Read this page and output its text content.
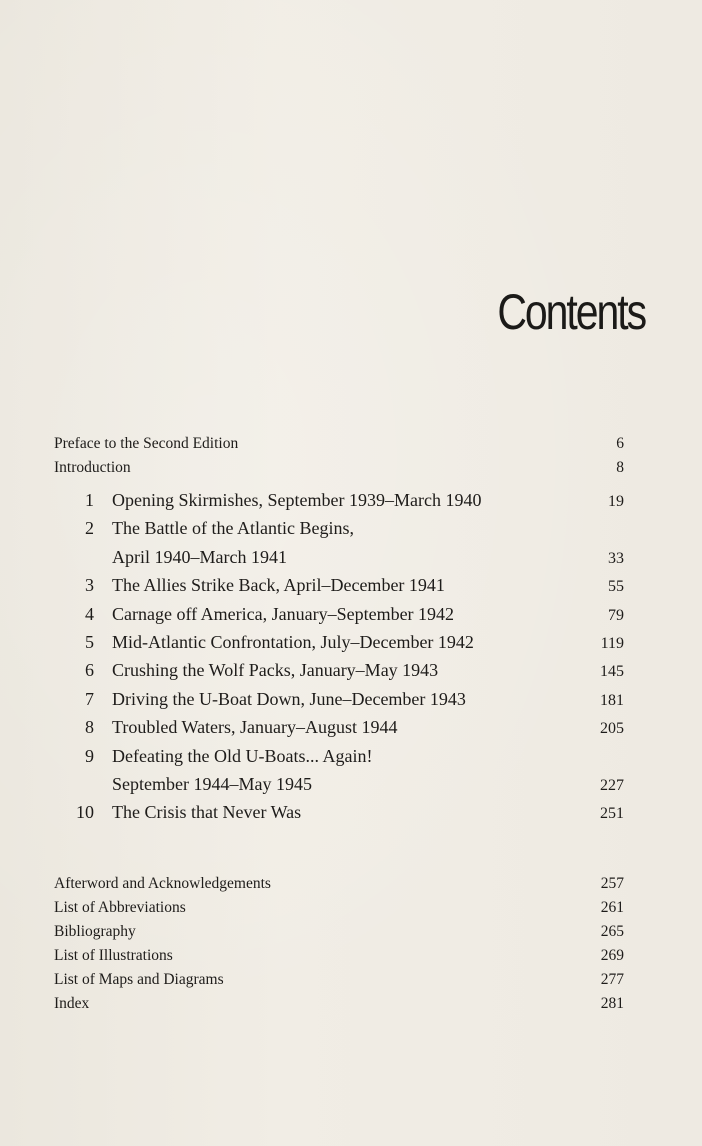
Contents
Preface to the Second Edition	6
Introduction	8
1 Opening Skirmishes, September 1939–March 1940	19
2 The Battle of the Atlantic Begins,
April 1940–March 1941	33
3 The Allies Strike Back, April–December 1941	55
4 Carnage off America, January–September 1942	79
5 Mid-Atlantic Confrontation, July–December 1942	119
6 Crushing the Wolf Packs, January–May 1943	145
7 Driving the U-Boat Down, June–December 1943	181
8 Troubled Waters, January–August 1944	205
9 Defeating the Old U-Boats... Again!
September 1944–May 1945	227
10 The Crisis that Never Was	251
Afterword and Acknowledgements	257
List of Abbreviations	261
Bibliography	265
List of Illustrations	269
List of Maps and Diagrams	277
Index	281
